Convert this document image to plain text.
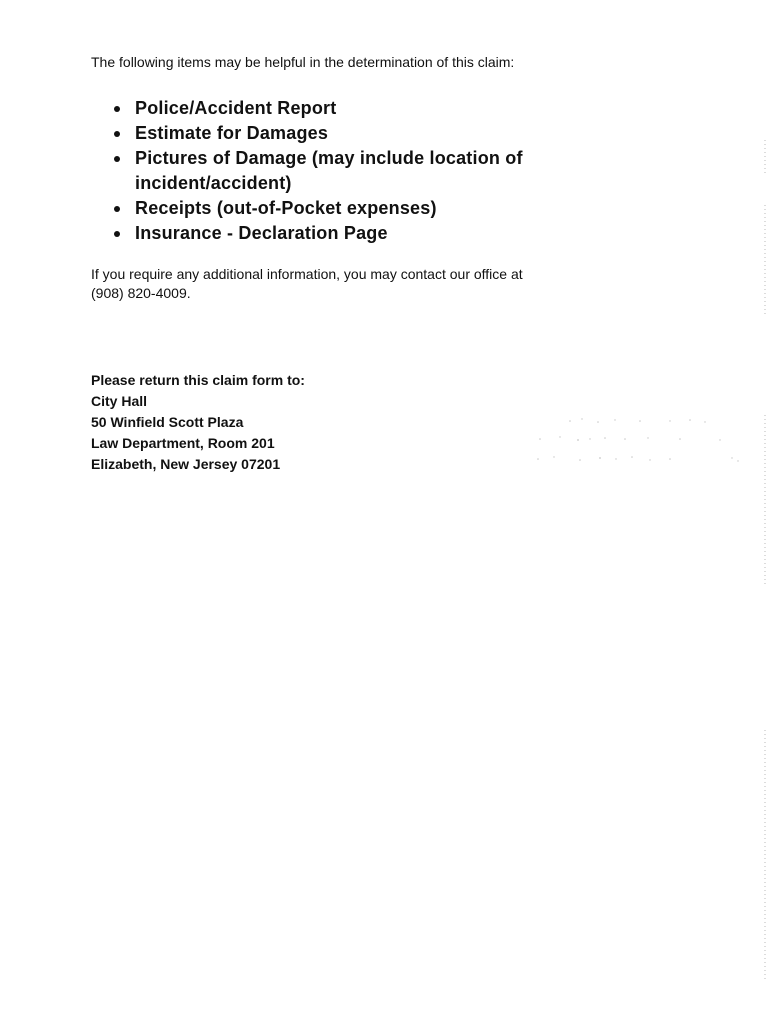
The following items may be helpful in the determination of this claim:

Police/Accident Report
Estimate for Damages
Pictures of Damage (may include location of incident/accident)
Receipts (out-of-Pocket expenses)
Insurance - Declaration Page

If you require any additional information, you may contact our office at
(908) 820-4009.

Please return this claim form to:
City Hall
50 Winfield Scott Plaza
Law Department, Room 201
Elizabeth, New Jersey 07201
